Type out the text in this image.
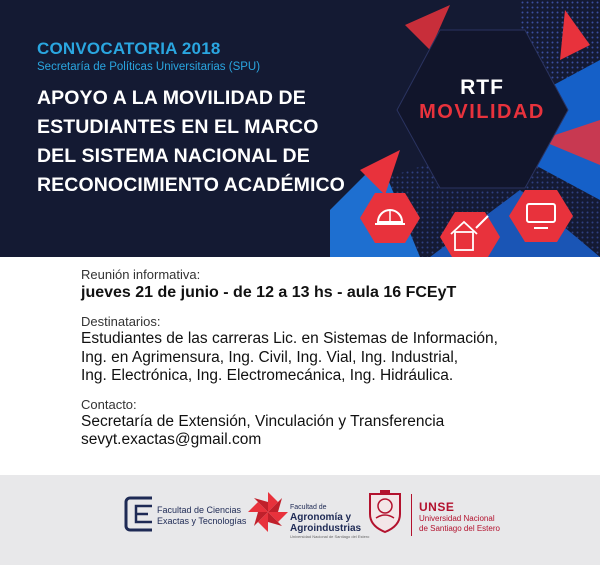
CONVOCATORIA 2018
Secretaría de Políticas Universitarias (SPU)
APOYO A LA MOVILIDAD DE
ESTUDIANTES EN EL MARCO
DEL SISTEMA NACIONAL DE
RECONOCIMIENTO ACADÉMICO
RTF
MOVILIDAD
Reunión informativa:
jueves 21 de junio - de 12 a 13 hs - aula 16 FCEyT
Destinatarios:
Estudiantes de las carreras Lic. en Sistemas de Información,
Ing. en Agrimensura, Ing. Civil, Ing. Vial, Ing. Industrial,
Ing. Electrónica, Ing. Electromecánica, Ing. Hidráulica.
Contacto:
Secretaría de Extensión, Vinculación y Transferencia
sevyt.exactas@gmail.com
Facultad de Ciencias
Exactas y Tecnologías
Facultad de
Agronomía y
Agroindustrias
Universidad Nacional de Santiago del Estero
UNSE
Universidad Nacional
de Santiago del Estero
